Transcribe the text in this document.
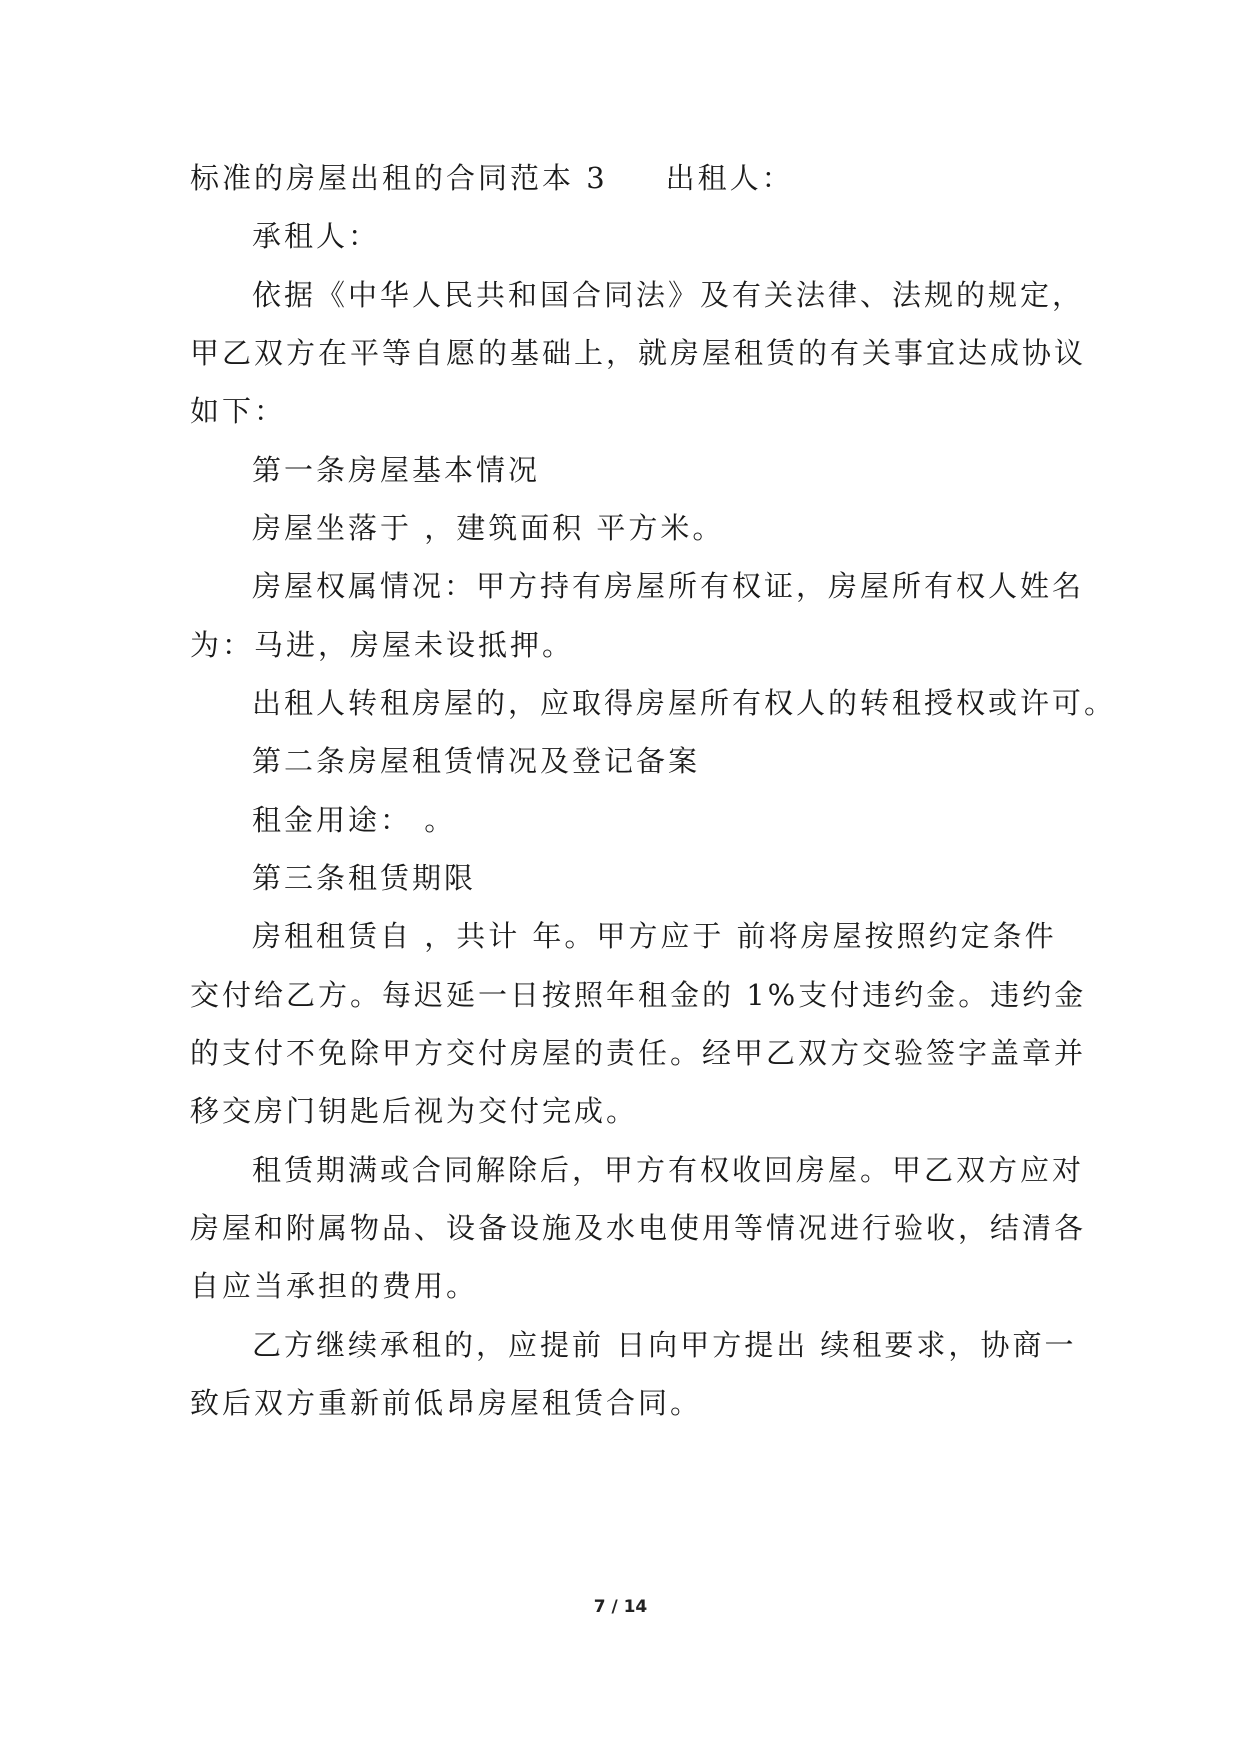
标准的房屋出租的合同范本 3 出租人：
承租人：
依据《中华人民共和国合同法》及有关法律、法规的规定，
甲乙双方在平等自愿的基础上，就房屋租赁的有关事宜达成协议
如下：
第一条房屋基本情况
房屋坐落于 ，建筑面积 平方米。
房屋权属情况：甲方持有房屋所有权证，房屋所有权人姓名
为：马进，房屋未设抵押。
出租人转租房屋的，应取得房屋所有权人的转租授权或许可。
第二条房屋租赁情况及登记备案
租金用途： 。
第三条租赁期限
房租租赁自 ，共计 年。甲方应于 前将房屋按照约定条件
交付给乙方。每迟延一日按照年租金的 1%支付违约金。违约金
的支付不免除甲方交付房屋的责任。经甲乙双方交验签字盖章并
移交房门钥匙后视为交付完成。
租赁期满或合同解除后，甲方有权收回房屋。甲乙双方应对
房屋和附属物品、设备设施及水电使用等情况进行验收，结清各
自应当承担的费用。
乙方继续承租的，应提前 日向甲方提出 续租要求，协商一
致后双方重新前低昂房屋租赁合同。
7 / 14
